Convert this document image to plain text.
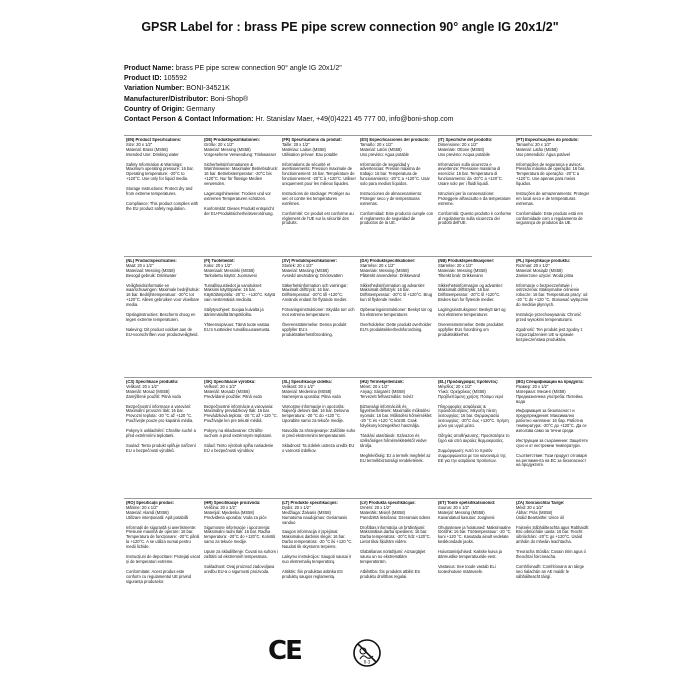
GPSR Label for : brass PE pipe screw connection 90° angle IG 20x1/2"
Product Name: brass PE pipe screw connection 90° angle IG 20x1/2"
Product ID: 105592
Variation Number: BONI-34521K
Manufacturer/Distributor: Boni-Shop®
Country of Origin: Germany
Contact Person & Contact Information: Hr. Stanislav Maer, +49(0)4221 45 777 00, info@boni-shop.com
(EN) Product Specifications:

Size: 20 x 1/2"
Material: Brass (MS58)
Intended Use: Drinking water

Safety Information & Warnings: Maximum operating pressure: 16 bar. Operating temperature: -20°C to +120°C. Use only for liquid media.

Storage Instructions: Protect dry and from extreme temperatures.

Compliance: This product complies with the EU product safety regulation.

(DE) Produktspezifikationen:

Größe: 20 x 1/2"
Material: Messing (MS58)
Vorgesehene Verwendung: Trinkwasser

Sicherheitsinformationen & Warnhinweise: Maximaler Betriebsdruck: 16 bar. Betriebstemperatur: -20°C bis +120°C. Nur für flüssige Medien verwenden.

Lagerungshinweise: Trocken und vor extremen Temperaturen schützen.

Konformität: Dieses Produkt entspricht der EU-Produktsicherheitsverordnung.

(FR) Spécifications du produit:

Taille: 20 x 1/2"
Matériau: Laiton (MS58)
Utilisation prévue: Eau potable

Informations de sécurité et avertissements: Pression maximale de fonctionnement: 16 bar. Température de fonctionnement: -20°C à +120°C. Utiliser uniquement pour les milieux liquides.

Instructions de stockage: Protéger au sec et contre les températures extrêmes.

Conformité: Ce produit est conforme au règlement de l'UE sur la sécurité des produits.

(ES) Especificaciones del producto:

Tamaño: 20 x 1/2"
Material: Latón (MS58)
Uso previsto: Agua potable

Información de seguridad y advertencias: Presión máxima de trabajo: 16 bar. Temperatura de funcionamiento: -20°C a +120°C. Usar solo para medios líquidos.

Instrucciones de almacenamiento: Proteger seco y de temperaturas extremas.

Conformidad: Este producto cumple con el reglamento de seguridad de productos de la UE.

(IT) Specifiche del prodotto:

Dimensione: 20 x 1/2"
Materiale: Ottone (MS58)
Uso previsto: Acqua potabile

Informazioni sulla sicurezza e avvertenze: Pressione massima di esercizio: 16 bar. Temperatura di funzionamento: da -20°C a +120°C. Usare solo per i fluidi liquidi.

Istruzioni per la conservazione: Proteggere all'asciutto e da temperature estreme.

Conformità: Questo prodotto è conforme al regolamento sulla sicurezza dei prodotti dell'UE.

(PT) Especificações do produto:

Tamanho: 20 x 1/2"
Material: Latão (MS58)
Uso pretendido: Água potável

Informações de segurança e avisos: Pressão máxima de operação: 16 bar. Temperatura de operação: -20°C a +120°C. Use apenas para meios líquidos.

Instruções de armazenamento: Proteger em local seco e de temperaturas extremas.

Conformidade: Este produto está em conformidade com o regulamento de segurança de produtos da UE.

(NL) Productspecificaties:

Maat: 20 x 1/2"
Materiaal: Messing (MS58)
Beoogd gebruik: Drinkwater

Veiligheidsinformatie en waarschuwingen: Maximale bedrijfsdruk: 16 bar. Bedrijfstemperatuur: -20°C tot +120°C. Alleen gebruiken voor vloeibare media.

Opslaginstructies: Bescherm droog en tegen extreme temperaturen.

Naleving: Dit product voldoet aan de EU-voorschriften voor productveiligheid.

(FI) Tuotetiedot:

Koko: 20 x 1/2"
Materiaali: Messinki (MS58)
Tarkoitettu käyttö: Juomavesi

Turvallisuustiedot ja varoitukset: Maksimi käyttöpaine: 16 bar. Käyttölämpötila: -20°C - +120°C. Käytä vain nestemäisiä medioita.

Säilytysohjeet: Suojaa kuivalta ja äärimmäisiltä lämpötiloilta.

Yhteensopivuus: Tämä tuote vastaa EU:n tuotteiden turvallisuusasetusta.

(SV) Produktspecifikationer:

Storlek: 20 x 1/2"
Material: Mässing (MS58)
Avsedd användning: Dricksvatten

Säkerhetsinformation och varningar: Maximalt drifttryck: 16 bar. Drifttemperatur: -20°C till +120°C. Används endast för flytande medier.

Förvaringsinstruktioner: Skydda torr och mot extrema temperaturer.

Överensstämmelse: Denna produkt uppfyller EU:s produktsäkerhetsförordning.

(DA) Produktspecifikationer:

Størrelse: 20 x 1/2"
Materiale: Messing (MS58)
Påtænkt anvendelse: Drikkevand

Sikkerhedsinformation og advarsler: Maksimalt driftstryk: 16 bar. Driftstemperatur: -20°C til +120°C. Brug kun til flydende medier.

Opbevaringsinstruktioner: Beskyt tør og fra ekstreme temperaturer.

Overholdelse: Dette produkt overholder EU's produktsikkerhedsforordning.

(NB) Produktspesifikasjoner:

Størrelse: 20 x 1/2"
Materiale: Messing (MS58)
Tiltenkt bruk: Drikkevann

Sikkerhetsinformasjon og advarsler: Maksimalt driftstrykk: 16 bar. Driftstemperatur: -20°C til +120°C. Brukes kun for flytende medier.

Lagringsinstruksjoner: Beskytt tørt og mot ekstreme temperaturer.

Overensstemmelse: Dette produktet oppfyller EUs forordning om produktsikkerhet.

(PL) Specyfikacje produktu:

Rozmiar: 20 x 1/2"
Materiał: Mosiądz (MS58)
Zamierzone użycie: Woda pitna

Informacje o bezpieczeństwie i ostrzeżenia: Maksymalne ciśnienie robocze: 16 bar. Temperatura pracy: od -20 °C do +120 °C. Stosować wyłącznie do mediów płynnych.

Instrukcje przechowywania: Chronić przed wysokimi temperaturami.

Zgodność: Ten produkt jest zgodny z rozporządzeniem UE w sprawie bezpieczeństwa produktów.

(CS) Specifikace produktu:

Velikost: 20 x 1/2"
Materiál: Mosaz (MS58)
Zamýšlené použití: Pitná voda

Bezpečnostní informace a varování: Maximální provozní tlak: 16 bar. Provozní teplota: -20 °C až +120 °C. Používejte pouze pro kapalná média.

Pokyny k uskladnění: Chraňte suché a před extrémními teplotami.

Soulad: Tento produkt splňuje nařízení EU o bezpečnosti výrobků.

(SK) Špecifikácie výrobku:

Veľkosť: 20 x 1/2"
Materiál: Mosadz (MS58)
Predvídané použitie: Pitná voda

Bezpečnostné informácie a varovania: Maximálny prevádzkový tlak: 16 bar. Prevádzková teplota: -20 °C až +120 °C. Používajte len pre tekuté médiá.

Pokyny na skladovanie: Chráňte suchom a pred extrémnymi teplotami.

Súlad: Tento výrobok spĺňa nariadenie EÚ o bezpečnosti výrobkov.

(SL) Specifikacije izdelka:

Velikost: 20 x 1/2"
Material: Medenina (MS58)
Namenjena uporaba: Pitna voda

Varnostne informacije in opozorila: Največji delovni tlak: 16 bar. Delovna temperatura: -20 °C do +120 °C. Uporabite samo za tekoče medije.

Navodila za shranjevanje: Zaščitite suho in pred ekstremnimi temperaturami.

Skladnost: Ta izdelek ustreza uredbi EU o varnosti izdelkov.

(HU) Termékjellemzők:

Méret: 20 x 1/2"
Anyag: Sárgaréz (MS58)
Tervezett felhasználás: Ivóvíz

Biztonsági információk és figyelmeztetések: Maximális működési nyomás: 16 bar. Működési hőmérséklet: -20 °C és +120 °C között. Csak folyékony közegekhez használja.

Tárolási utasítások: Szárazon és szélsőséges hőmérsékletektől védve tárolja.

Megfelelőség: Ez a termék megfelel az EU termékbiztonsági rendeletének.

(EL) Προδιαγραφές προϊόντος:

Μέγεθος: 20 x 1/2"
Υλικό: Ορείχαλκος (MS58)
Προβλεπόμενη χρήση: Πόσιμο νερό

Πληροφορίες ασφάλειας & προειδοποιήσεις: Μέγιστη πίεση λειτουργίας: 16 bar. Θερμοκρασία λειτουργίας: -20°C έως +120°C. Χρήση μόνο για υγρά μέσα.

Οδηγίες αποθήκευσης: Προστατέψτε το ξηρό και από ακραίες θερμοκρασίες.

Συμμόρφωση: Αυτό το προϊόν συμμορφώνεται με τον κανονισμό της ΕΕ για την ασφάλεια προϊόντων.

(BG) Спецификации на продукта:

Размер: 20 x 1/2"
Материал: Месинг (MS58)
Предназначена употреба: Питейна вода

Информация за безопасност и предупреждения: Максимално работно налягане: 16 бар. Работна температура: -20°C до +120°C. Да се използва само за течни среди.

Инструкции за съхранение: Защитете сухо и от екстремни температури.

Съответствие: Този продукт отговаря на регламента на ЕС за безопасност на продуктите.

(RO) Specificații produs:

Mărime: 20 x 1/2"
Material: Alamă (MS58)
Utilizare intenționată: Apă potabilă

Informații de siguranță și avertismente: Presiune maximă de operare: 16 bar. Temperatura de funcționare: -20°C până la +120°C. A se utiliza numai pentru medii lichide.

Instrucțiuni de depozitare: Protejați uscat și de temperaturi extreme.

Conformitate: Acest produs este conform cu regulamentul UE privind siguranța produselor.

(HR) Specifikacije proizvoda:

Veličina: 20 x 1/2"
Materijal: Mjedenka (MS58)
Predviđena uporaba: Voda za piće

Sigurnosne informacije i upozorenja: Maksimalni radni tlak: 16 bar. Radna temperatura: -20°C do +120°C. Koristiti samo za tekuće medije.

Upute za skladištenje: Čuvati na suhom i zaštititi od ekstremnih temperatura.

Sukladnost: Ovaj proizvod zadovoljava uredbu EU-a o sigurnosti proizvoda.

(LT) Produkto specifikacijos:

Dydis: 20 x 1/2"
Medžiaga: Žalvaris (MS58)
Numatoma naudojimas: Geriamasis vanduo

Saugos informacija ir įspėjimai: Maksimalus darbinis slėgis: 16 bar. Darbo temperatūra: -20 °C iki +120 °C. Naudoti tik skystoms terpėms.

Laikymo instrukcijos: Saugoti sausai ir nuo ekstremalių temperatūrų.

Atitiktis: Šis produktas atitinka ES produktų saugos reglamentą.

(LV) Produkta specifikācijas:

Izmērs: 20 x 1/2"
Materiāls: Misiņš (MS58)
Paredzētā lietošana: Dzeramais ūdens

Drošības informācija un brīdinājumi: Maksimālais darba spiediens: 16 bar. Darba temperatūra: -20°C līdz +120°C. Lietot tikai šķidrām vidēm.

Glabāšanas norādījumi: Aizsargājiet sausu un no ekstremālām temperatūrām.

Atbilstība: Šis produkts atbilst ES produktu drošības regulai.

(ET) Toote spetsifikatsioonid:

Suurus: 20 x 1/2"
Materjal: Messing (MS58)
Kavandatud kasutus: Joogivesi

Ohutusteave ja hoiatused: Maksimaalne töörõhk: 16 bar. Töötemperatuur: -20 °C kuni +120 °C. Kasutada ainult vedelate keskkondade jaoks.

Hoiustamisjuhised: Kaitske kuiva ja äärmuslike temperatuuride eest.

Vastavus: See toode vastab ELi tooteohutuse määrusele.

(ZA) Sonrasichtai Tairge:

Méid: 20 x 1/2"
Ábhar: Prás (MS58)
Úsáid Beartaithe: Uisce óil

Faisnéis Sábháilteachta agus Rabhaidh: Brú oibriúcháin uasta: 16 bar. Teocht oibriúcháin: -20°C go +120°C. Úsáid amháin do mheáin leachtacha.

Treoracha Stórála: Cosain tirim agus ó theochtaí foircneacha.

Comhlíonadh: Comhlíonann an táirge seo rialachán an AE maidir le sábháilteacht táirgí.

CE	0-3
